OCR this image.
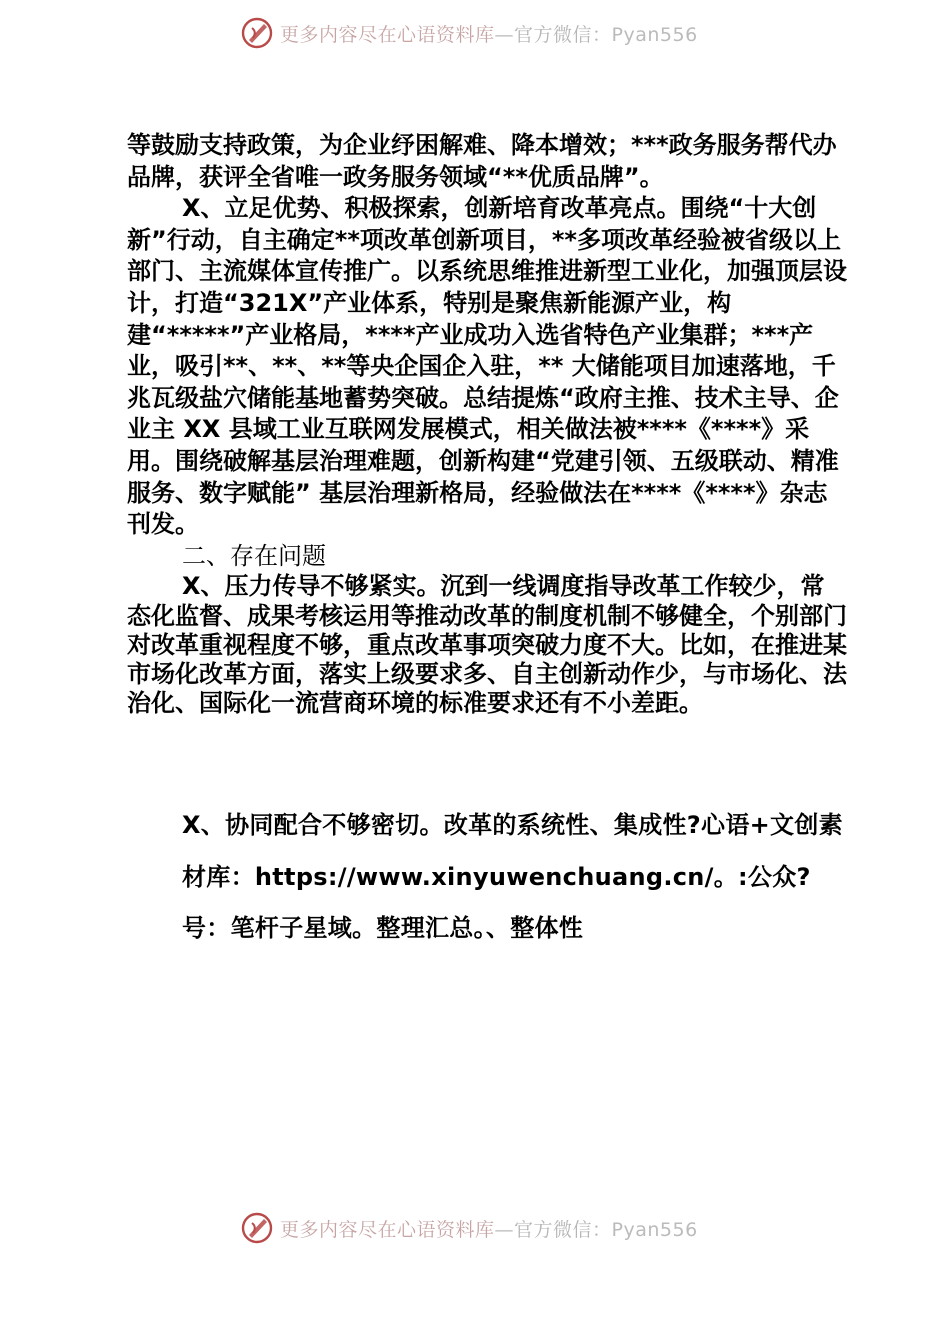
更多内容尽在心语资料库—官方微信：Pyan556

等鼓励支持政策，为企业纾困解难、降本增效；***政务服务帮代办品牌，获评全省唯一政务服务领域“**优质品牌”。

X、立足优势、积极探索，创新培育改革亮点。围绕“十大创新”行动，自主确定**项改革创新项目，**多项改革经验被省级以上部门、主流媒体宣传推广。以系统思维推进新型工业化，加强顶层设计，打造“321X”产业体系，特别是聚焦新能源产业，构建“*****”产业格局，****产业成功入选省特色产业集群；***产业，吸引**、**、**等央企国企入驻，** 大储能项目加速落地，千兆瓦级盐穴储能基地蓄势突破。总结提炼“政府主推、技术主导、企业主 XX 县域工业互联网发展模式，相关做法被****《****》采用。围绕破解基层治理难题，创新构建“党建引领、五级联动、精准服务、数字赋能” 基层治理新格局，经验做法在****《****》杂志刊发。

二、存在问题

X、压力传导不够紧实。沉到一线调度指导改革工作较少，常态化监督、成果考核运用等推动改革的制度机制不够健全，个别部门对改革重视程度不够，重点改革事项突破力度不大。比如，在推进某市场化改革方面，落实上级要求多、自主创新动作少，与市场化、法治化、国际化一流营商环境的标准要求还有不小差距。

X、协同配合不够密切。改革的系统性、集成性?心语+文创素材库：https://www.xinyuwenchuang.cn/。:公众?号：笔杆子星域。整理汇总。、整体性

更多内容尽在心语资料库—官方微信：Pyan556
